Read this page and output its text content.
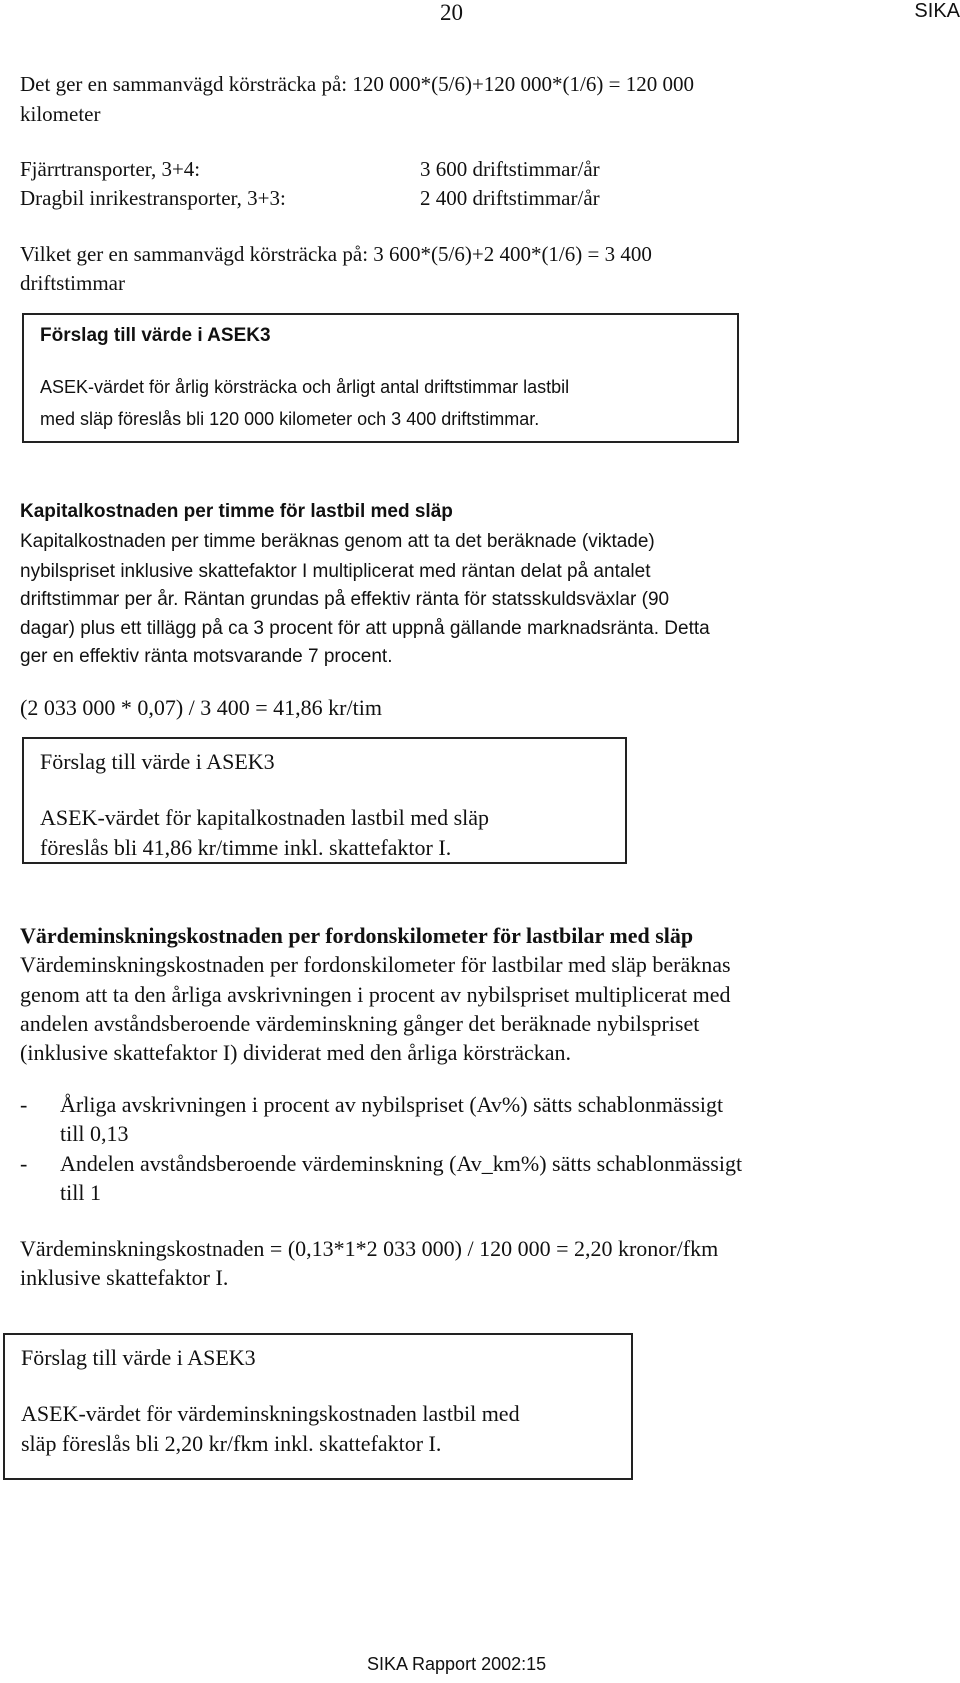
20	SIKA
Det ger en sammanvägd körsträcka på: 120 000*(5/6)+120 000*(1/6) = 120 000
kilometer
Fjärrtransporter, 3+4:	3 600 driftstimmar/år
Dragbil inrikestransporter, 3+3:	2 400 driftstimmar/år
Vilket ger en sammanvägd körsträcka på: 3 600*(5/6)+2 400*(1/6) = 3 400
driftstimmar
Förslag till värde i ASEK3
ASEK-värdet för årlig körsträcka och årligt antal driftstimmar lastbil
med släp föreslås bli 120 000 kilometer och 3 400 driftstimmar.
Kapitalkostnaden per timme för lastbil med släp
Kapitalkostnaden per timme beräknas genom att ta det beräknade (viktade)
nybilspriset inklusive skattefaktor I multiplicerat med räntan delat på antalet
driftstimmar per år. Räntan grundas på effektiv ränta för statsskuldsväxlar (90
dagar) plus ett tillägg på ca 3 procent för att uppnå gällande marknadsränta. Detta
ger en effektiv ränta motsvarande 7 procent.
(2 033 000 * 0,07) / 3 400 = 41,86 kr/tim
Förslag till värde i ASEK3
ASEK-värdet för kapitalkostnaden lastbil med släp
föreslås bli 41,86 kr/timme inkl. skattefaktor I.
Värdeminskningskostnaden per fordonskilometer för lastbilar med släp
Värdeminskningskostnaden per fordonskilometer för lastbilar med släp beräknas
genom att ta den årliga avskrivningen i procent av nybilspriset multiplicerat med
andelen avståndsberoende värdeminskning gånger det beräknade nybilspriset
(inklusive skattefaktor I) dividerat med den årliga körsträckan.
- Årliga avskrivningen i procent av nybilspriset (Av%) sätts schablonmässigt
till 0,13
- Andelen avståndsberoende värdeminskning (Av_km%) sätts schablonmässigt
till 1
Värdeminskningskostnaden = (0,13*1*2 033 000) / 120 000 = 2,20 kronor/fkm
inklusive skattefaktor I.
Förslag till värde i ASEK3
ASEK-värdet för värdeminskningskostnaden lastbil med
släp föreslås bli 2,20 kr/fkm inkl. skattefaktor I.
SIKA Rapport 2002:15
